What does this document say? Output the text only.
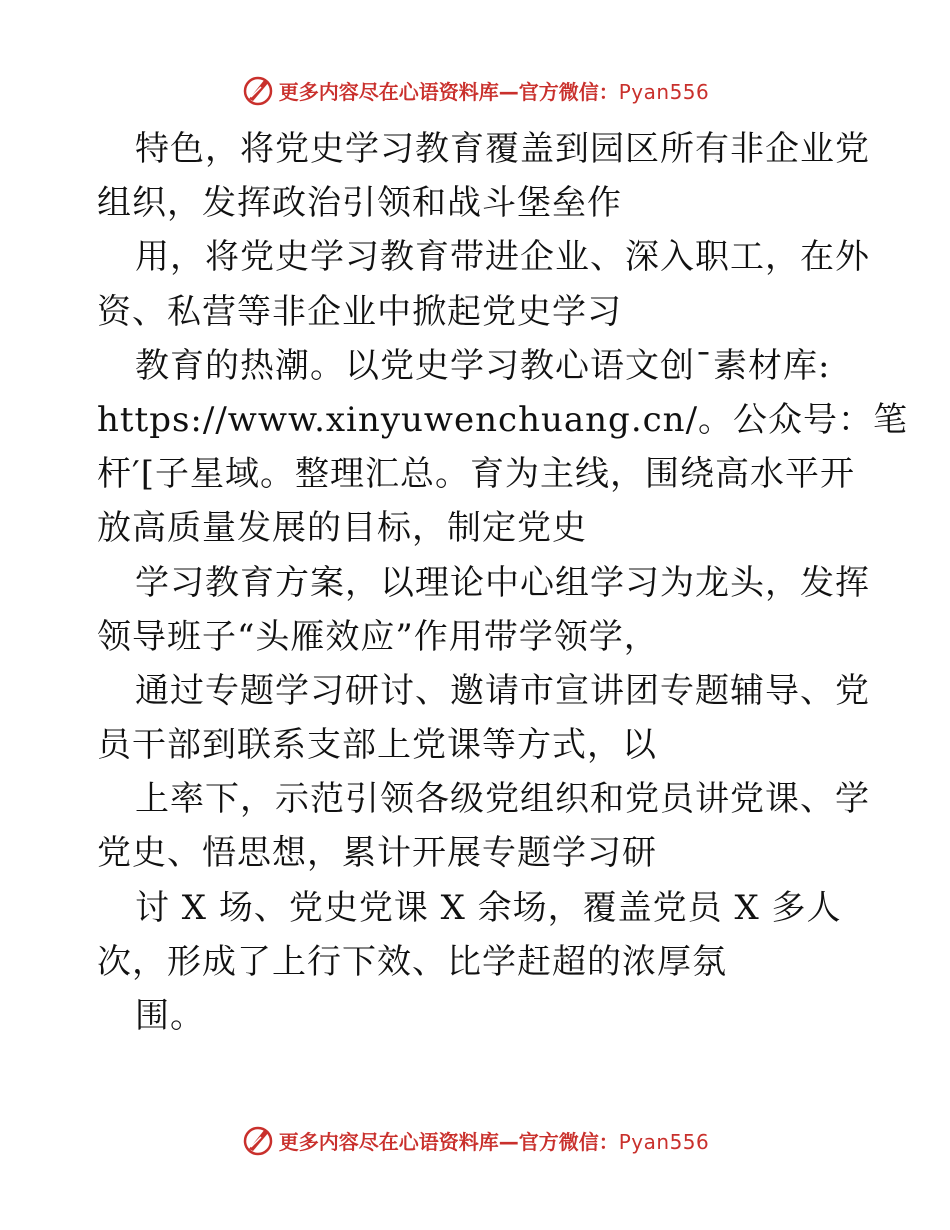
更多内容尽在心语资料库—官方微信：Pyan556
特色，将党史学习教育覆盖到园区所有非企业党
组织，发挥政治引领和战斗堡垒作
用，将党史学习教育带进企业、深入职工，在外
资、私营等非企业中掀起党史学习
教育的热潮。以党史学习教心语文创¯素材库:
https://www.xinyuwenchuang.cn/。公众号：笔
杆′[子星域。整理汇总。育为主线，围绕高水平开
放高质量发展的目标，制定党史
学习教育方案，以理论中心组学习为龙头，发挥
领导班子“头雁效应”作用带学领学，
通过专题学习研讨、邀请市宣讲团专题辅导、党
员干部到联系支部上党课等方式，以
上率下，示范引领各级党组织和党员讲党课、学
党史、悟思想，累计开展专题学习研
讨 X 场、党史党课 X 余场，覆盖党员 X 多人
次，形成了上行下效、比学赶超的浓厚氛
围。
更多内容尽在心语资料库—官方微信：Pyan556
